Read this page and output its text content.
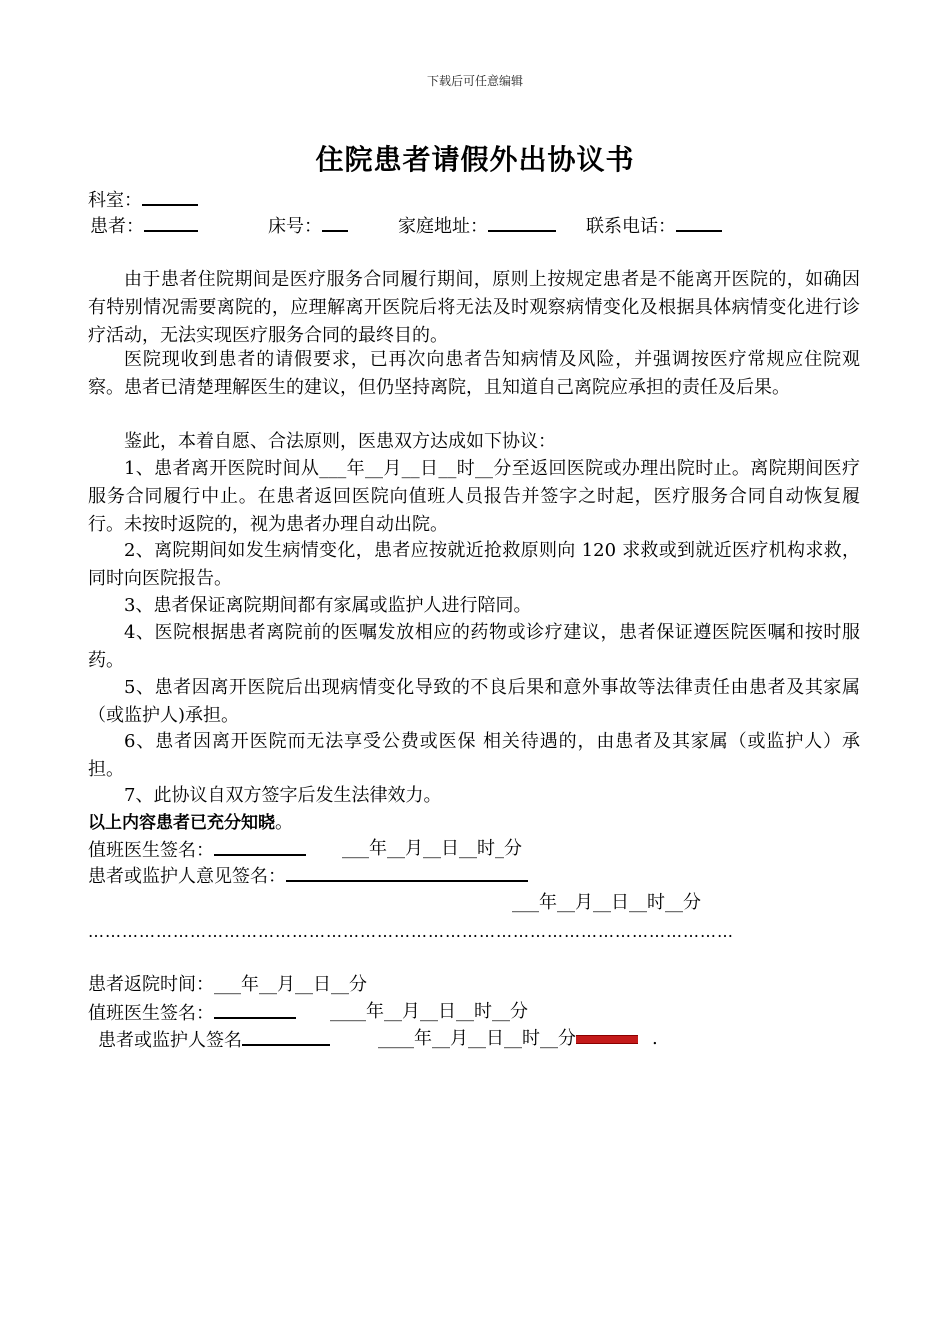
下载后可任意编辑
住院患者请假外出协议书
科室：
患者：	床号：	家庭地址：	联系电话：
由于患者住院期间是医疗服务合同履行期间，原则上按规定患者是不能离开医院的，如确因有特别情况需要离院的，应理解离开医院后将无法及时观察病情变化及根据具体病情变化进行诊疗活动，无法实现医疗服务合同的最终目的。
医院现收到患者的请假要求，已再次向患者告知病情及风险，并强调按医疗常规应住院观察。患者已清楚理解医生的建议，但仍坚持离院，且知道自己离院应承担的责任及后果。
鉴此，本着自愿、合法原则，医患双方达成如下协议：
1、患者离开医院时间从___年__月__日__时__分至返回医院或办理出院时止。离院期间医疗服务合同履行中止。在患者返回医院向值班人员报告并签字之时起，医疗服务合同自动恢复履行。未按时返院的，视为患者办理自动出院。
2、离院期间如发生病情变化，患者应按就近抢救原则向 120 求救或到就近医疗机构求救，同时向医院报告。
3、患者保证离院期间都有家属或监护人进行陪同。
4、医院根据患者离院前的医嘱发放相应的药物或诊疗建议，患者保证遵医院医嘱和按时服药。
5、患者因离开医院后出现病情变化导致的不良后果和意外事故等法律责任由患者及其家属（或监护人)承担。
6、患者因离开医院而无法享受公费或医保 相关待遇的，由患者及其家属（或监护人）承担。
7、此协议自双方签字后发生法律效力。
以上内容患者已充分知晓。
值班医生签名：	___年__月__日__时_分
患者或监护人意见签名：
___年__月__日__时__分
……………………………………………………………………………………………………
患者返院时间：___年__月__日__分
值班医生签名：	____年__月__日__时__分
患者或监护人签名	____年__月__日__时__分	.
